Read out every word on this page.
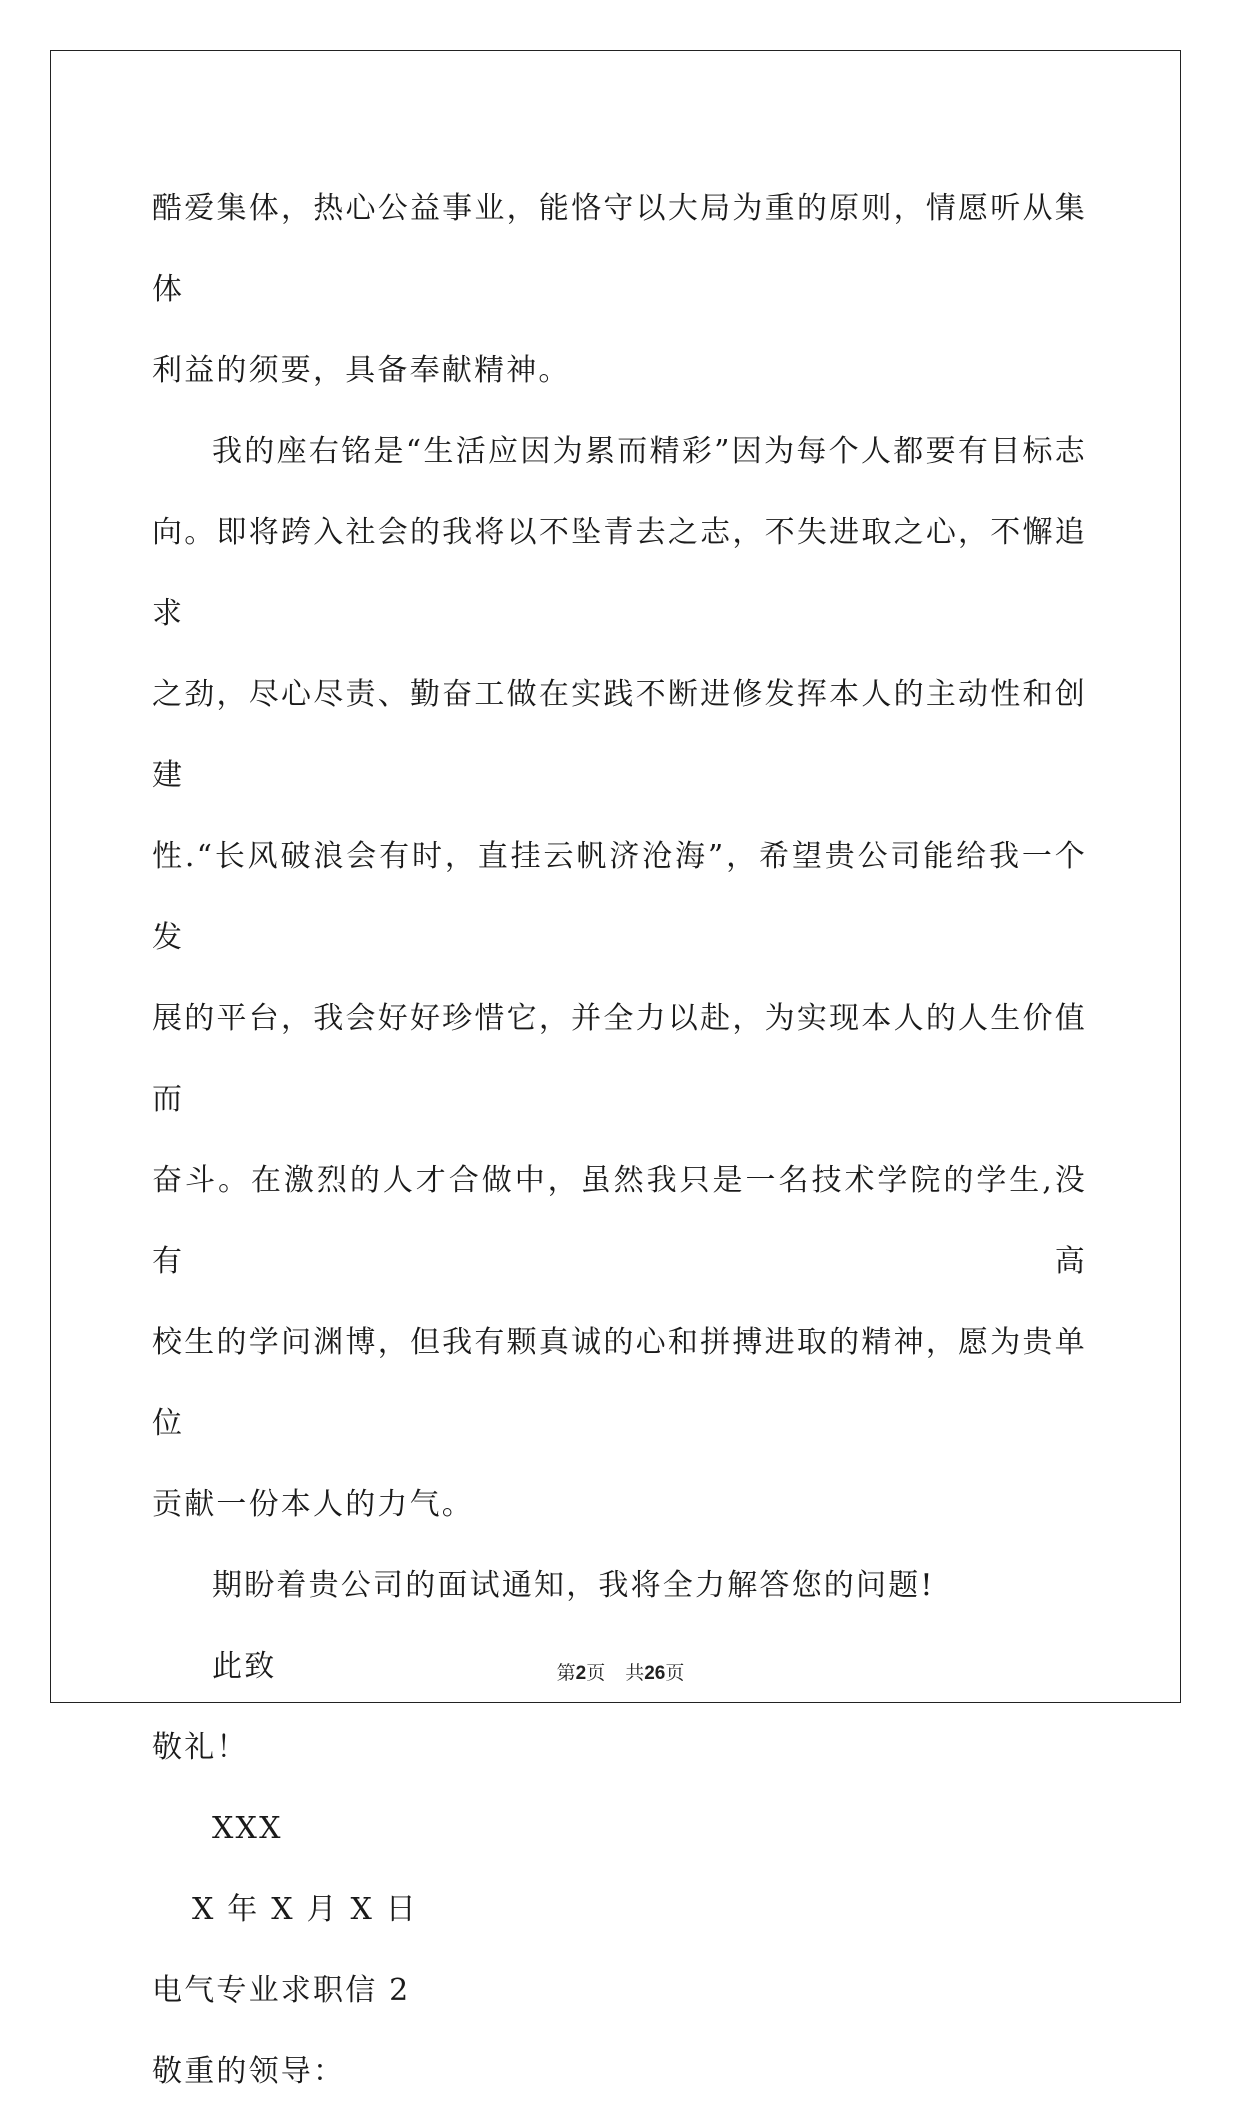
酷爱集体，热心公益事业，能恪守以大局为重的原则，情愿听从集体
利益的须要，具备奉献精神。
我的座右铭是“生活应因为累而精彩”因为每个人都要有目标志
向。即将跨入社会的我将以不坠青去之志，不失进取之心，不懈追求
之劲，尽心尽责、勤奋工做在实践不断进修发挥本人的主动性和创建
性.“长风破浪会有时，直挂云帆济沧海”，希望贵公司能给我一个发
展的平台，我会好好珍惜它，并全力以赴，为实现本人的人生价值而
奋斗。在激烈的人才合做中，虽然我只是一名技术学院的学生,没有高
校生的学问渊博，但我有颗真诚的心和拼搏进取的精神，愿为贵单位
贡献一份本人的力气。
期盼着贵公司的面试通知，我将全力解答您的问题!
此致
敬礼！
XXX
X 年 X 月 X 日
电气专业求职信 2
敬重的领导：
第2页 共26页
